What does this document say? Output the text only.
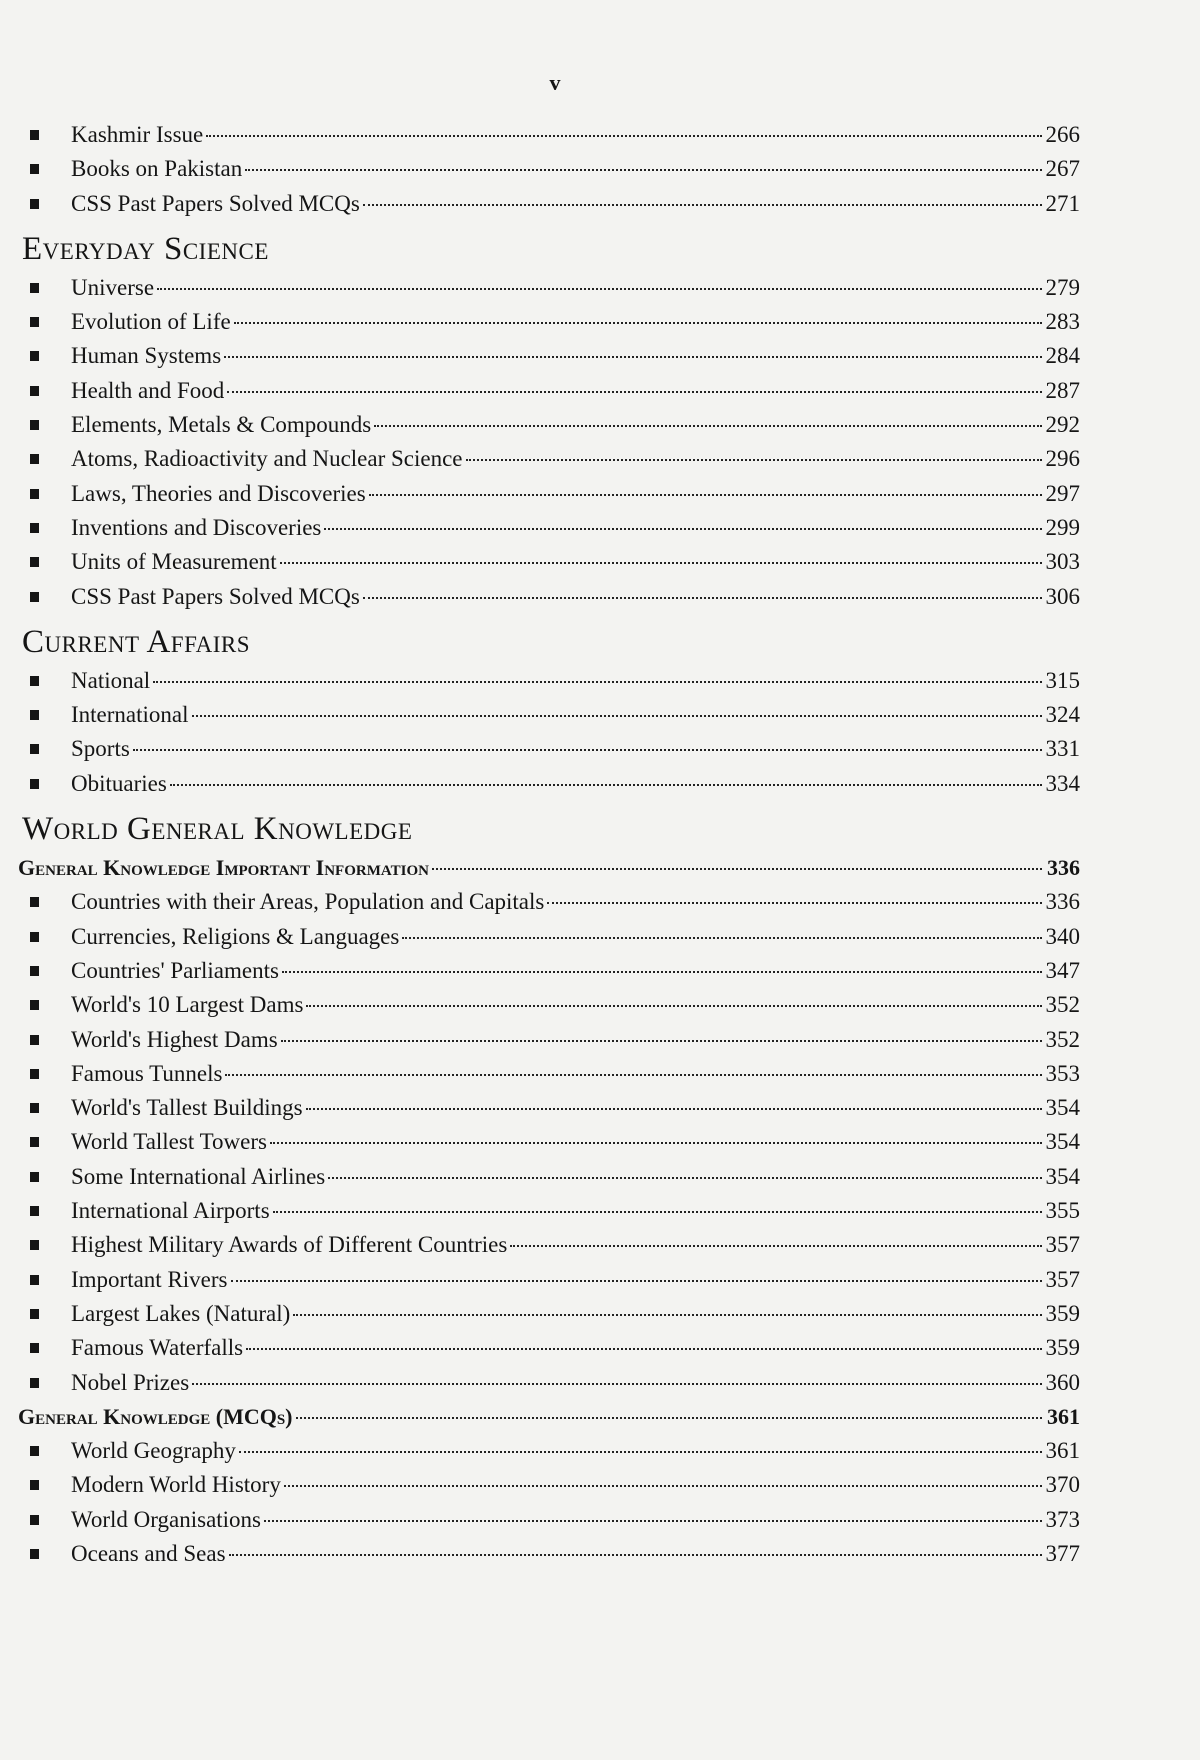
v
Kashmir Issue	266
Books on Pakistan	267
CSS Past Papers Solved MCQs	271
Everyday Science
Universe	279
Evolution of Life	283
Human Systems	284
Health and Food	287
Elements, Metals & Compounds	292
Atoms, Radioactivity and Nuclear Science	296
Laws, Theories and Discoveries	297
Inventions and Discoveries	299
Units of Measurement	303
CSS Past Papers Solved MCQs	306
Current Affairs
National	315
International	324
Sports	331
Obituaries	334
World General Knowledge
General Knowledge Important Information	336
Countries with their Areas, Population and Capitals	336
Currencies, Religions & Languages	340
Countries' Parliaments	347
World's 10 Largest Dams	352
World's Highest Dams	352
Famous Tunnels	353
World's Tallest Buildings	354
World Tallest Towers	354
Some International Airlines	354
International Airports	355
Highest Military Awards of Different Countries	357
Important Rivers	357
Largest Lakes (Natural)	359
Famous Waterfalls	359
Nobel Prizes	360
General Knowledge (MCQs)	361
World Geography	361
Modern World History	370
World Organisations	373
Oceans and Seas	377
